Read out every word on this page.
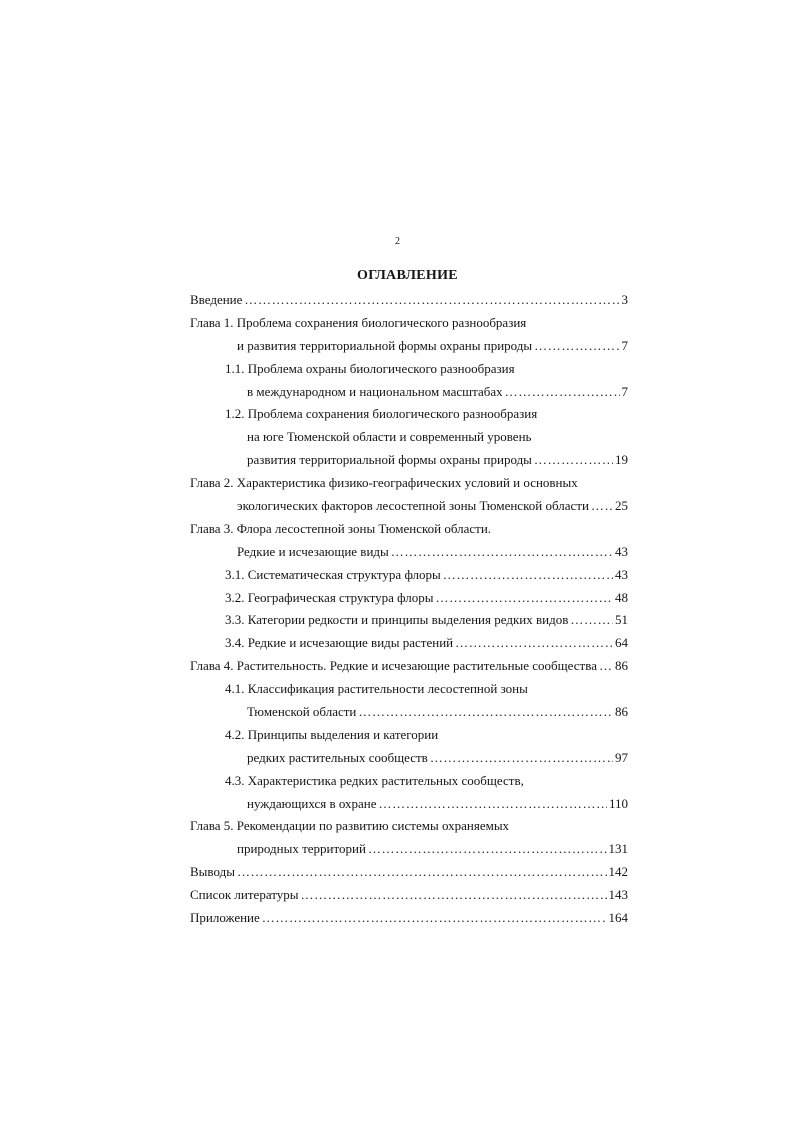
2
ОГЛАВЛЕНИЕ
Введение ……………………………………………………………………………………………………………………………………………………………………	3
Глава 1. Проблема сохранения биологического разнообразия
и развития территориальной формы охраны природы ……………………………………………………………………………………………………………………………………………………………………	7
1.1. Проблема охраны биологического разнообразия
в международном и национальном масштабах ……………………………………………………………………………………………………………………………………………………………………	7
1.2. Проблема сохранения биологического разнообразия
на юге Тюменской области и современный уровень
развития территориальной формы охраны природы ……………………………………………………………………………………………………………………………………………………………………	19
Глава 2. Характеристика физико-географических условий и основных
экологических факторов лесостепной зоны Тюменской области …………………………………………………………………………………………………………………………………………………………………… 25
Глава 3. Флора лесостепной зоны Тюменской области.
Редкие и исчезающие виды ……………………………………………………………………………………………………………………………………………………………………	43
3.1. Систематическая структура флоры ……………………………………………………………………………………………………………………………………………………………………	43
3.2. Географическая структура флоры ……………………………………………………………………………………………………………………………………………………………………	48
3.3. Категории редкости и принципы выделения редких видов ……………………………………………………………………………………………………………………………………………………………………	51
3.4. Редкие и исчезающие виды растений ……………………………………………………………………………………………………………………………………………………………………	64
Глава 4. Растительность. Редкие и исчезающие растительные сообщества …………………………………………………………………………………………………………………………………………………………………… 86
4.1. Классификация растительности лесостепной зоны
Тюменской области ……………………………………………………………………………………………………………………………………………………………………	86
4.2. Принципы выделения и категории
редких растительных сообществ ……………………………………………………………………………………………………………………………………………………………………	97
4.3. Характеристика редких растительных сообществ,
нуждающихся в охране ……………………………………………………………………………………………………………………………………………………………………	110
Глава 5. Рекомендации по развитию системы охраняемых
природных территорий ……………………………………………………………………………………………………………………………………………………………………	131
Выводы ……………………………………………………………………………………………………………………………………………………………………	142
Список литературы ……………………………………………………………………………………………………………………………………………………………………	143
Приложение ……………………………………………………………………………………………………………………………………………………………………	164
